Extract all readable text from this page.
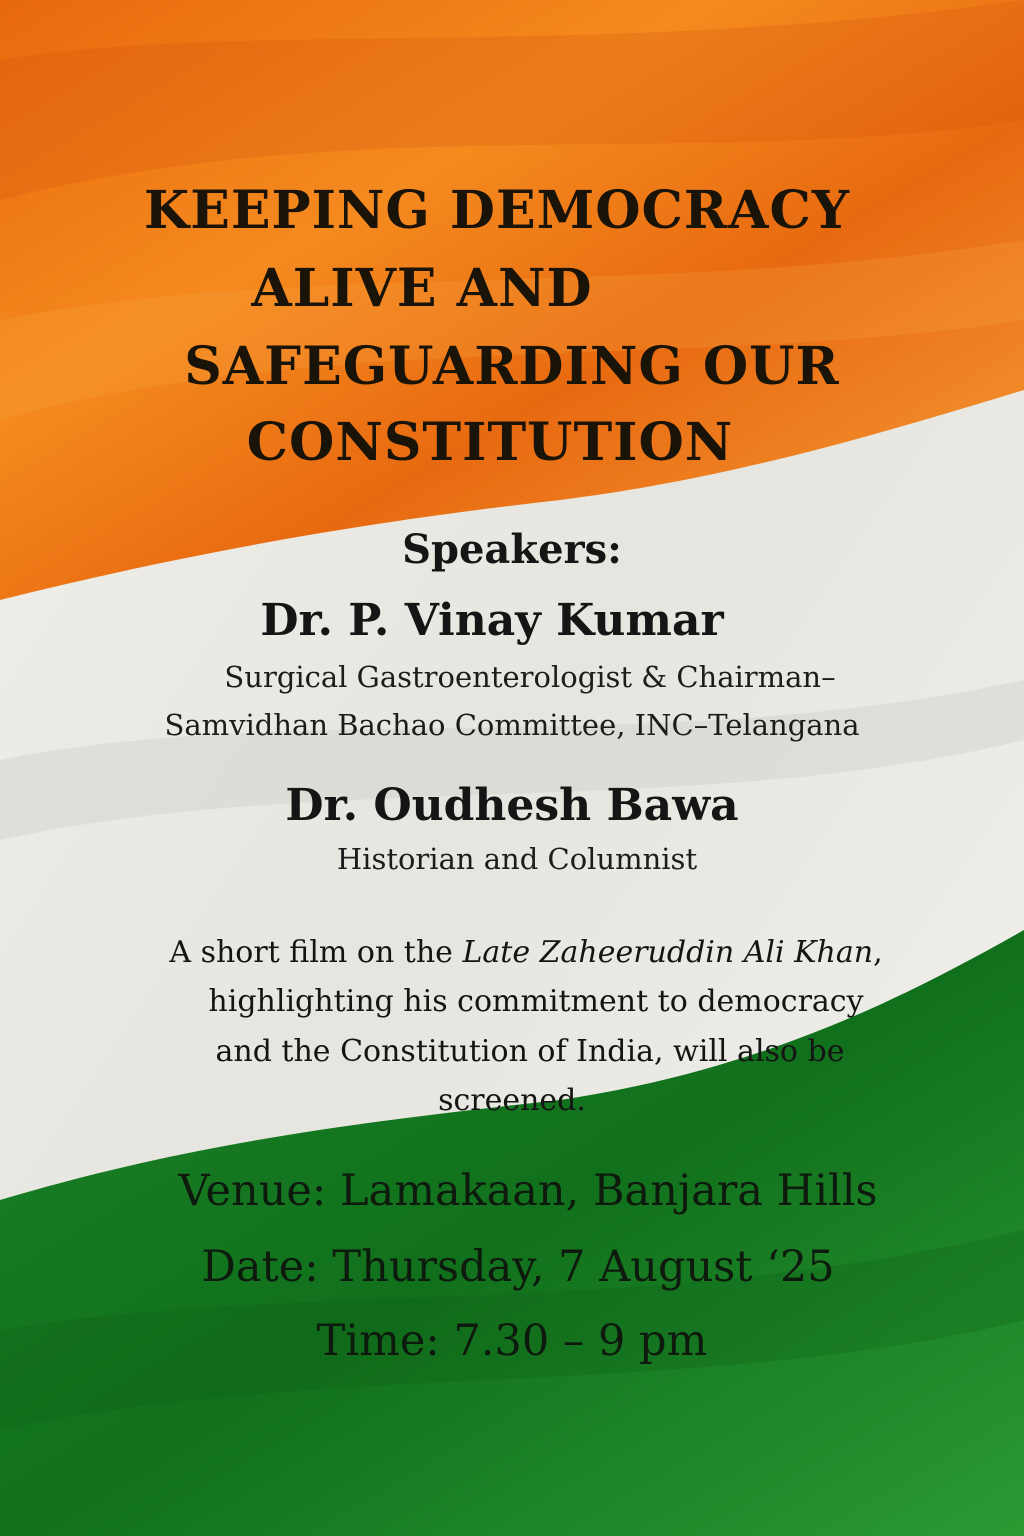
KEEPING DEMOCRACY
ALIVE AND
SAFEGUARDING OUR
CONSTITUTION
Speakers:
Dr. P. Vinay Kumar
Surgical Gastroenterologist & Chairman–
Samvidhan Bachao Committee, INC–Telangana
Dr. Oudhesh Bawa
Historian and Columnist
A short film on the Late Zaheeruddin Ali Khan,
highlighting his commitment to democracy
and the Constitution of India, will also be
screened.
Venue: Lamakaan, Banjara Hills
Date: Thursday, 7 August ‘25
Time: 7.30 – 9 pm
